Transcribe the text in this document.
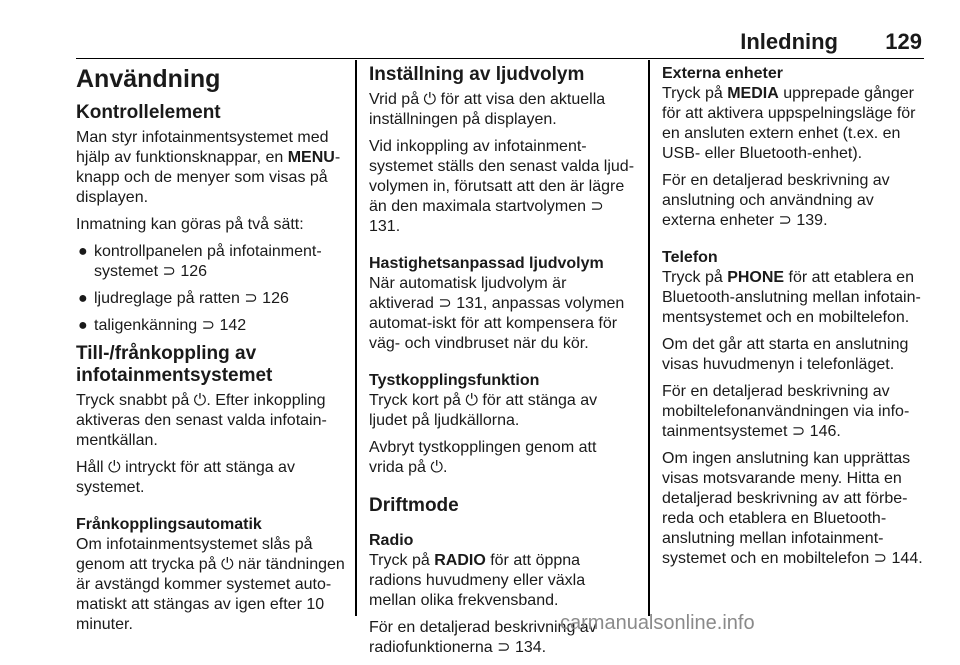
Inledning 129
Användning
Kontrollelement

Man styr infotainmentsystemet med hjälp av funktionsknappar, en MENU-knapp och de menyer som visas på displayen.

Inmatning kan göras på två sätt:

● kontrollpanelen på infotainment-systemet ⊃ 126
● ljudreglage på ratten ⊃ 126
● taligenkänning ⊃ 142
Till-/frånkoppling av infotainmentsystemet

Tryck snabbt på ⏻. Efter inkoppling aktiveras den senast valda infotain-mentkällan.

Håll ⏻ intryckt för att stänga av systemet.

Frånkopplingsautomatik

Om infotainmentsystemet slås på genom att trycka på ⏻ när tändningen är avstängd kommer systemet auto-matiskt att stängas av igen efter 10 minuter.

Inställning av ljudvolym

Vrid på ⏻ för att visa den aktuella inställningen på displayen.

Vid inkoppling av infotainment-systemet ställs den senast valda ljud-volymen in, förutsatt att den är lägre än den maximala startvolymen ⊃ 131.

Hastighetsanpassad ljudvolym

När automatisk ljudvolym är aktiverad ⊃ 131, anpassas volymen automat-iskt för att kompensera för väg- och vindbruset när du kör.

Tystkopplingsfunktion

Tryck kort på ⏻ för att stänga av ljudet på ljudkällorna.

Avbryt tystkopplingen genom att vrida på ⏻.

Driftmode
Radio

Tryck på RADIO för att öppna radions huvudmeny eller växla mellan olika frekvensband.

För en detaljerad beskrivning av radiofunktionerna ⊃ 134.

Externa enheter

Tryck på MEDIA upprepade gånger för att aktivera uppspelningsläge för en ansluten extern enhet (t.ex. en USB- eller Bluetooth-enhet).

För en detaljerad beskrivning av anslutning och användning av externa enheter ⊃ 139.

Telefon

Tryck på PHONE för att etablera en Bluetooth-anslutning mellan infotain-mentsystemet och en mobiltelefon.

Om det går att starta en anslutning visas huvudmenyn i telefonläget.

För en detaljerad beskrivning av mobiltelefonanvändningen via info-tainmentsystemet ⊃ 146.

Om ingen anslutning kan upprättas visas motsvarande meny. Hitta en detaljerad beskrivning av att förbe-reda och etablera en Bluetooth-anslutning mellan infotainment-systemet och en mobiltelefon ⊃ 144.

carmanualsonline.info
